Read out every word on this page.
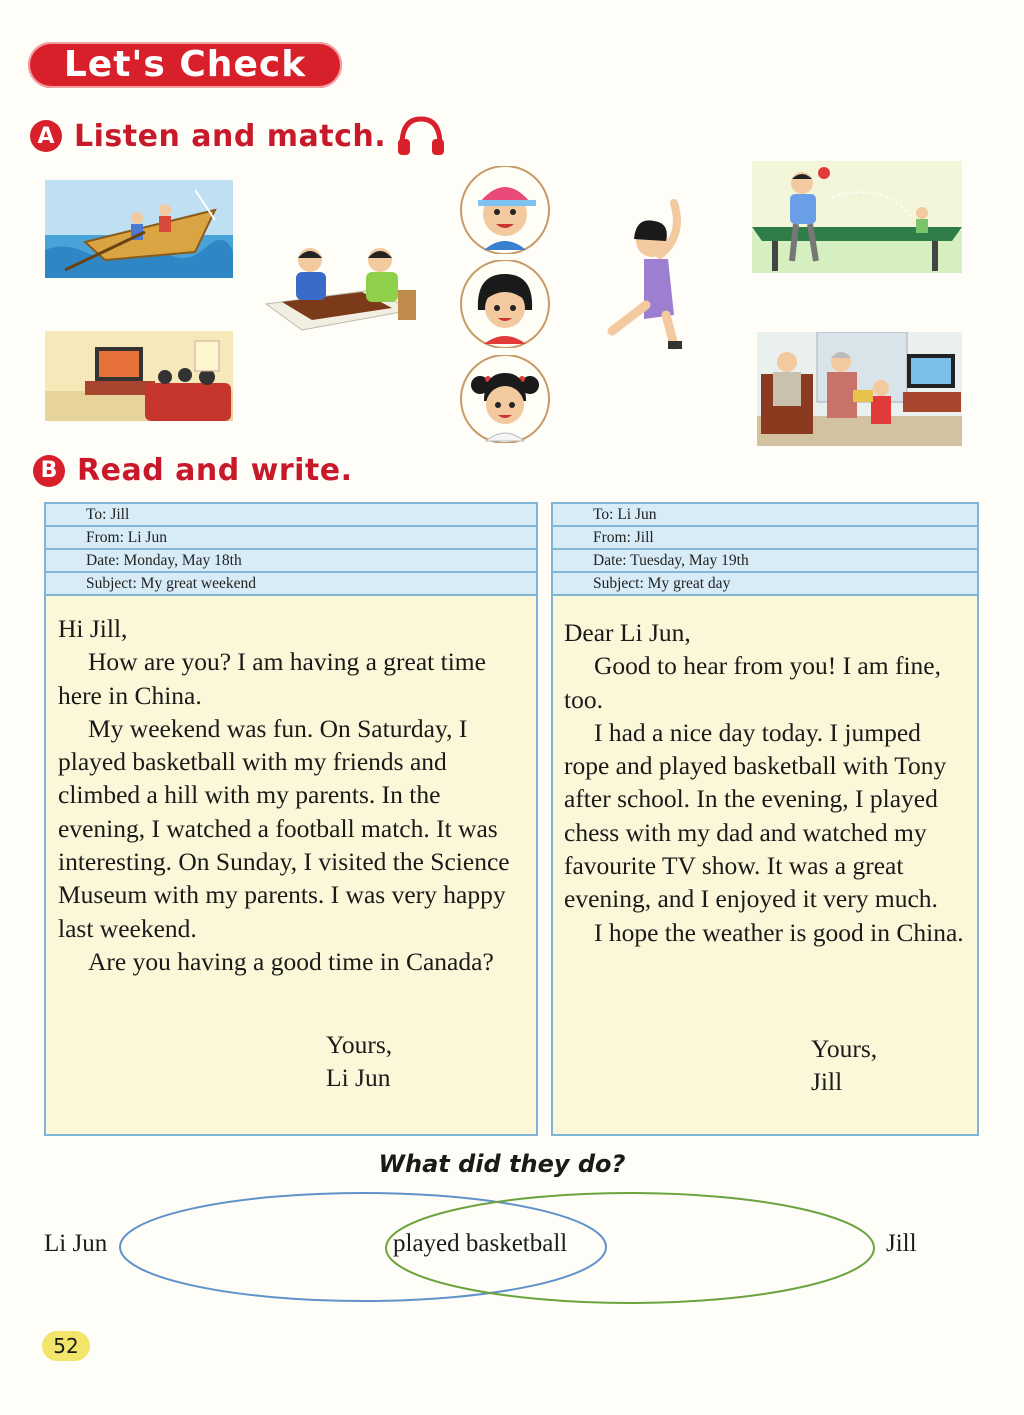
Let's Check
A Listen and match.
B Read and write.
To: Jill
From: Li Jun
Date: Monday, May 18th
Subject: My great weekend

Hi Jill,

How are you? I am having a great time here in China.

My weekend was fun. On Saturday, I played basketball with my friends and climbed a hill with my parents. In the evening, I watched a football match. It was interesting. On Sunday, I visited the Science Museum with my parents. I was very happy last weekend.

Are you having a good time in Canada?

Yours,
Li Jun
To: Li Jun
From: Jill
Date: Tuesday, May 19th
Subject: My great day

Dear Li Jun,

Good to hear from you! I am fine, too.

I had a nice day today. I jumped rope and played basketball with Tony after school. In the evening, I played chess with my dad and watched my favourite TV show. It was a great evening, and I enjoyed it very much.

I hope the weather is good in China.

Yours,
Jill
What did they do?
Li Jun	Jill
played basketball
52
